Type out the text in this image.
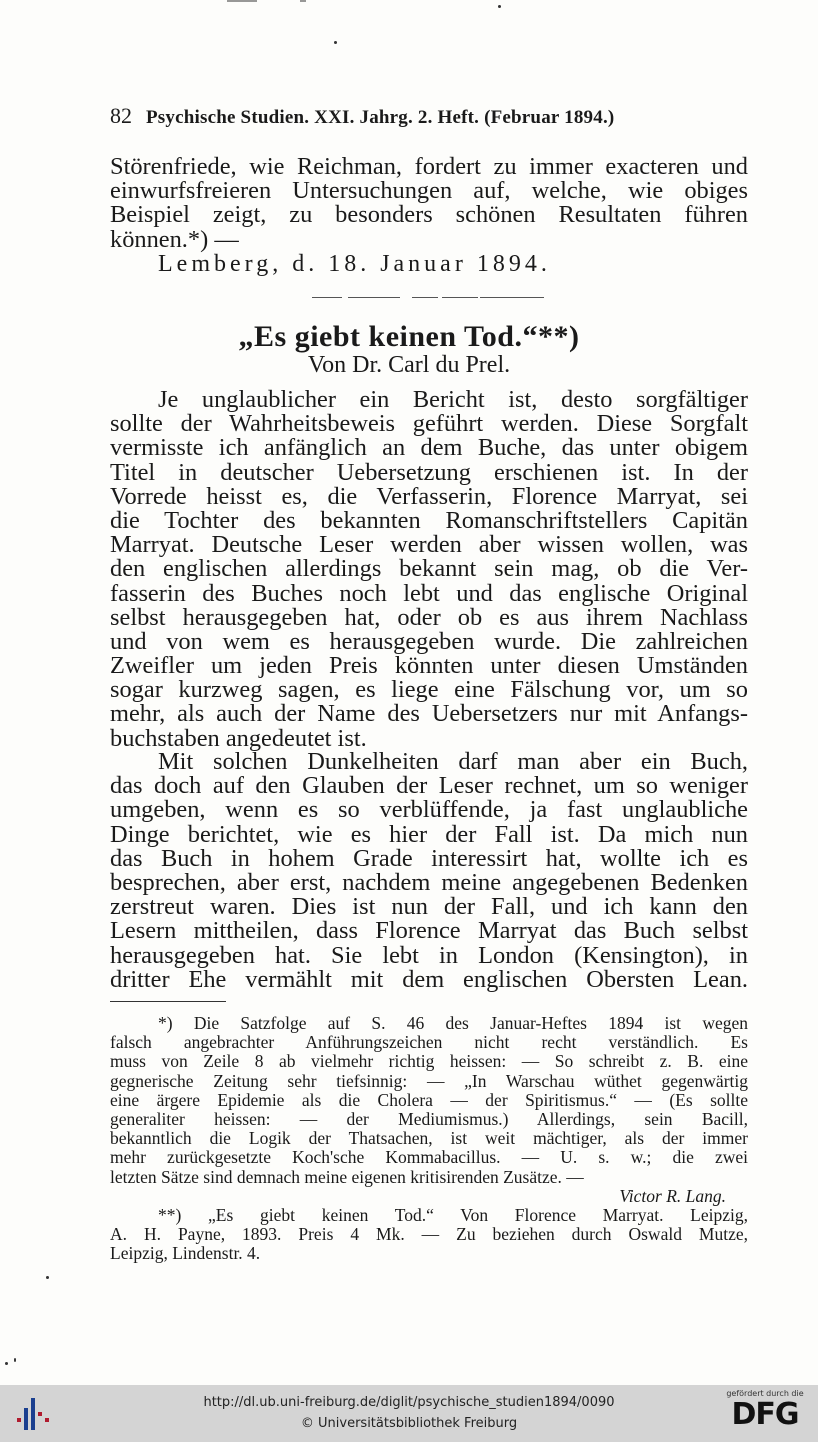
82 Psychische Studien. XXI. Jahrg. 2. Heft. (Februar 1894.)
Störenfriede, wie Reichman, fordert zu immer exacteren und
einwurfsfreieren Untersuchungen auf, welche, wie obiges
Beispiel zeigt, zu besonders schönen Resultaten führen
können.*) —
Lemberg, d. 18. Januar 1894.
„Es giebt keinen Tod.“**)
Von Dr. Carl du Prel.
Je unglaublicher ein Bericht ist, desto sorgfältiger
sollte der Wahrheitsbeweis geführt werden. Diese Sorgfalt
vermisste ich anfänglich an dem Buche, das unter obigem
Titel in deutscher Uebersetzung erschienen ist. In der
Vorrede heisst es, die Verfasserin, Florence Marryat, sei
die Tochter des bekannten Romanschriftstellers Capitän
Marryat. Deutsche Leser werden aber wissen wollen, was
den englischen allerdings bekannt sein mag, ob die Ver-
fasserin des Buches noch lebt und das englische Original
selbst herausgegeben hat, oder ob es aus ihrem Nachlass
und von wem es herausgegeben wurde. Die zahlreichen
Zweifler um jeden Preis könnten unter diesen Umständen
sogar kurzweg sagen, es liege eine Fälschung vor, um so
mehr, als auch der Name des Uebersetzers nur mit Anfangs-
buchstaben angedeutet ist.
Mit solchen Dunkelheiten darf man aber ein Buch,
das doch auf den Glauben der Leser rechnet, um so weniger
umgeben, wenn es so verblüffende, ja fast unglaubliche
Dinge berichtet, wie es hier der Fall ist. Da mich nun
das Buch in hohem Grade interessirt hat, wollte ich es
besprechen, aber erst, nachdem meine angegebenen Bedenken
zerstreut waren. Dies ist nun der Fall, und ich kann den
Lesern mittheilen, dass Florence Marryat das Buch selbst
herausgegeben hat. Sie lebt in London (Kensington), in
dritter Ehe vermählt mit dem englischen Obersten Lean.
*) Die Satzfolge auf S. 46 des Januar-Heftes 1894 ist wegen
falsch angebrachter Anführungszeichen nicht recht verständlich. Es
muss von Zeile 8 ab vielmehr richtig heissen: — So schreibt z. B. eine
gegnerische Zeitung sehr tiefsinnig: — „In Warschau wüthet gegenwärtig
eine ärgere Epidemie als die Cholera — der Spiritismus.“ — (Es sollte
generaliter heissen: — der Mediumismus.) Allerdings, sein Bacill,
bekanntlich die Logik der Thatsachen, ist weit mächtiger, als der immer
mehr zurückgesetzte Koch'sche Kommabacillus. — U. s. w.; die zwei
letzten Sätze sind demnach meine eigenen kritisirenden Zusätze. —
Victor R. Lang.
**) „Es giebt keinen Tod.“ Von Florence Marryat. Leipzig,
A. H. Payne, 1893. Preis 4 Mk. — Zu beziehen durch Oswald Mutze,
Leipzig, Lindenstr. 4.
http://dl.ub.uni-freiburg.de/diglit/psychische_studien1894/0090
© Universitätsbibliothek Freiburg
gefördert durch die
DFG
